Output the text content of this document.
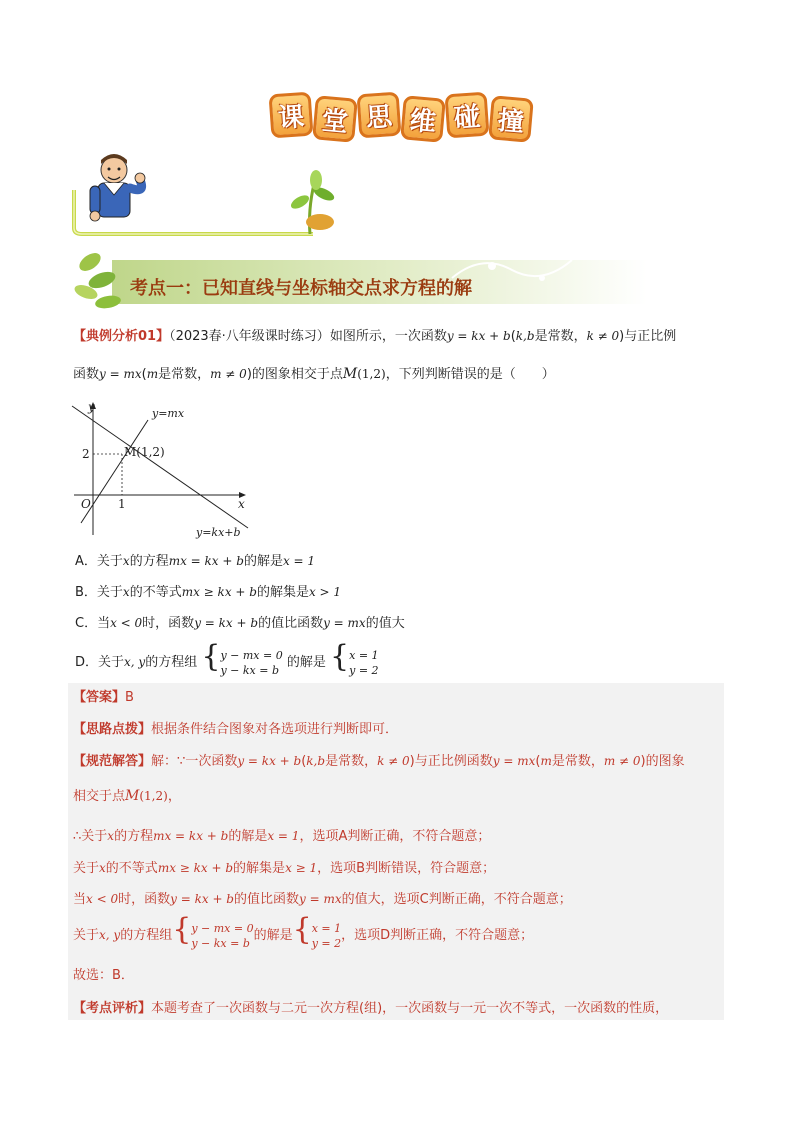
课 堂 思 维 碰 撞
考点一：已知直线与坐标轴交点求方程的解
【典例分析01】（2023春·八年级课时练习）如图所示，一次函数y = kx + b(k,b是常数，k ≠ 0)与正比例
函数y = mx(m是常数，m ≠ 0)的图象相交于点M(1,2)，下列判断错误的是（　　）
y
x
O
2
1
M(1,2)
y=mx
y=kx+b
A．关于x的方程mx = kx + b的解是x = 1
B．关于x的不等式mx ≥ kx + b的解集是x > 1
C．当x < 0时，函数y = kx + b的值比函数y = mx的值大
D．关于x, y的方程组 {y − mx = 0
y − kx = b 的解是 {x = 1
y = 2
【答案】B
【思路点拨】根据条件结合图象对各选项进行判断即可．
【规范解答】解：∵一次函数y = kx + b(k,b是常数，k ≠ 0)与正比例函数y = mx(m是常数，m ≠ 0)的图象
相交于点M(1,2)，
∴关于x的方程mx = kx + b的解是x = 1，选项A判断正确，不符合题意；
关于x的不等式mx ≥ kx + b的解集是x ≥ 1，选项B判断错误，符合题意；
当x < 0时，函数y = kx + b的值比函数y = mx的值大，选项C判断正确，不符合题意；
关于x, y的方程组{y − mx = 0
y − kx = b 的解是{x = 1
y = 2，选项D判断正确，不符合题意；
故选：B．
【考点评析】本题考查了一次函数与二元一次方程(组)，一次函数与一元一次不等式，一次函数的性质，
